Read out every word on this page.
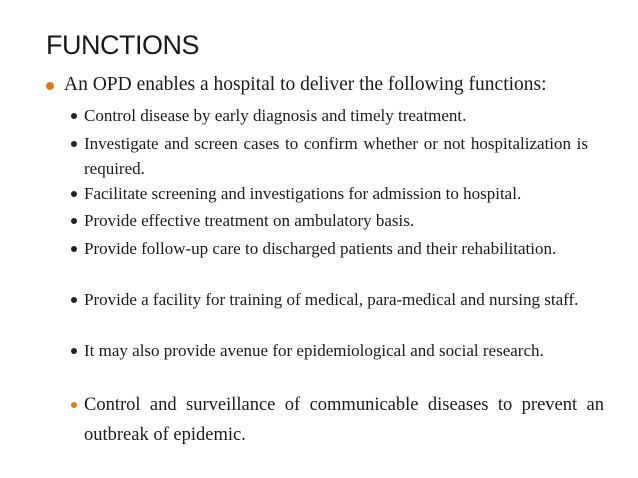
FUNCTIONS

An OPD enables a hospital to deliver the following functions:

Control disease by early diagnosis and timely treatment.

Investigate and screen cases to confirm whether or not hospitalization is required.

Facilitate screening and investigations for admission to hospital.

Provide effective treatment on ambulatory basis.

Provide follow-up care to discharged patients and their rehabilitation.

Provide a facility for training of medical, para-medical and nursing staff.

It may also provide avenue for epidemiological and social research.

Control and surveillance of communicable diseases to prevent an outbreak of epidemic.
